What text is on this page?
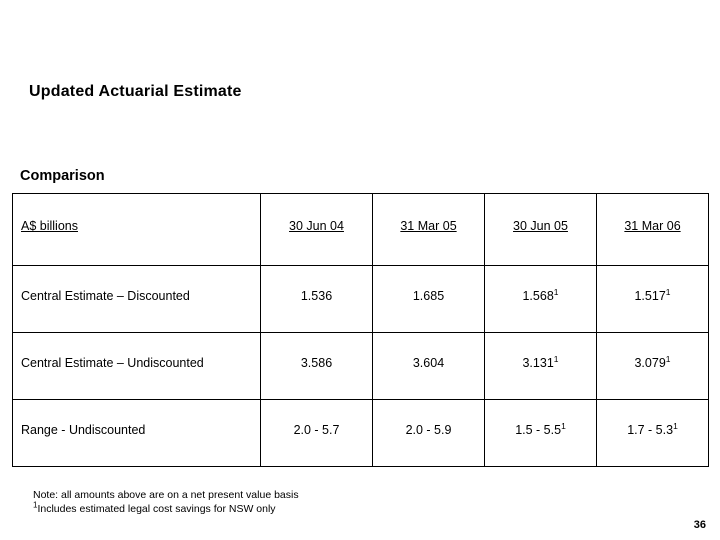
Updated Actuarial Estimate
Comparison
A$ billions	30 Jun 04	31 Mar 05	30 Jun 05	31 Mar 06
Central Estimate – Discounted	1.536	1.685	1.568$^1$	1.517$^1$
Central Estimate – Undiscounted	3.586	3.604	3.131$^1$	3.079$^1$
Range - Undiscounted	2.0 - 5.7	2.0 - 5.9	$1.5 - 5.5^1$	$1.7 - 5.3^1$
Note: all amounts above are on a net present value basis
$^1$Includes estimated legal cost savings for NSW only
36
